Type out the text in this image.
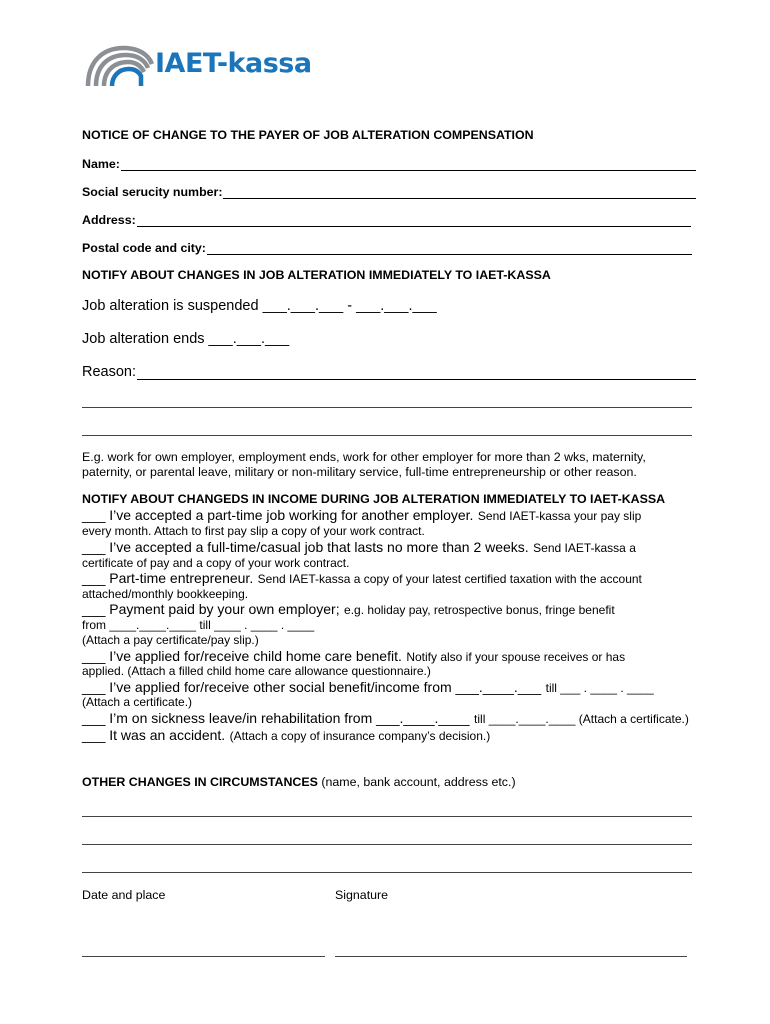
IAET-kassa
NOTICE OF CHANGE TO THE PAYER OF JOB ALTERATION COMPENSATION
Name:
Social serucity number:
Address:
Postal code and city:
NOTIFY ABOUT CHANGES IN JOB ALTERATION IMMEDIATELY TO IAET-KASSA
Job alteration is suspended ___.___.___ - ___.___.___
Job alteration ends ___.___.___
Reason:
E.g. work for own employer, employment ends, work for other employer for more than 2 wks, maternity,
paternity, or parental leave, military or non-military service, full-time entrepreneurship or other reason.
NOTIFY ABOUT CHANGEDS IN INCOME DURING JOB ALTERATION IMMEDIATELY TO IAET-KASSA
___ I’ve accepted a part-time job working for another employer. Send IAET-kassa your pay slip
every month. Attach to first pay slip a copy of your work contract.
___ I’ve accepted a full-time/casual job that lasts no more than 2 weeks. Send IAET-kassa a
certificate of pay and a copy of your work contract.
___ Part-time entrepreneur. Send IAET-kassa a copy of your latest certified taxation with the account
attached/monthly bookkeeping.
___ Payment paid by your own employer; e.g. holiday pay, retrospective bonus, fringe benefit
from ____.____.____ till ____ . ____ . ____
(Attach a pay certificate/pay slip.)
___ I’ve applied for/receive child home care benefit. Notify also if your spouse receives or has
applied. (Attach a filled child home care allowance questionnaire.)
___ I’ve applied for/receive other social benefit/income from ___.____.___ till ___ . ____ . ____
(Attach a certificate.)
___ I’m on sickness leave/in rehabilitation from ___.____.____ till ____.____.____ (Attach a certificate.)
___ It was an accident. (Attach a copy of insurance company’s decision.)
OTHER CHANGES IN CIRCUMSTANCES (name, bank account, address etc.)
Date and place	Signature
